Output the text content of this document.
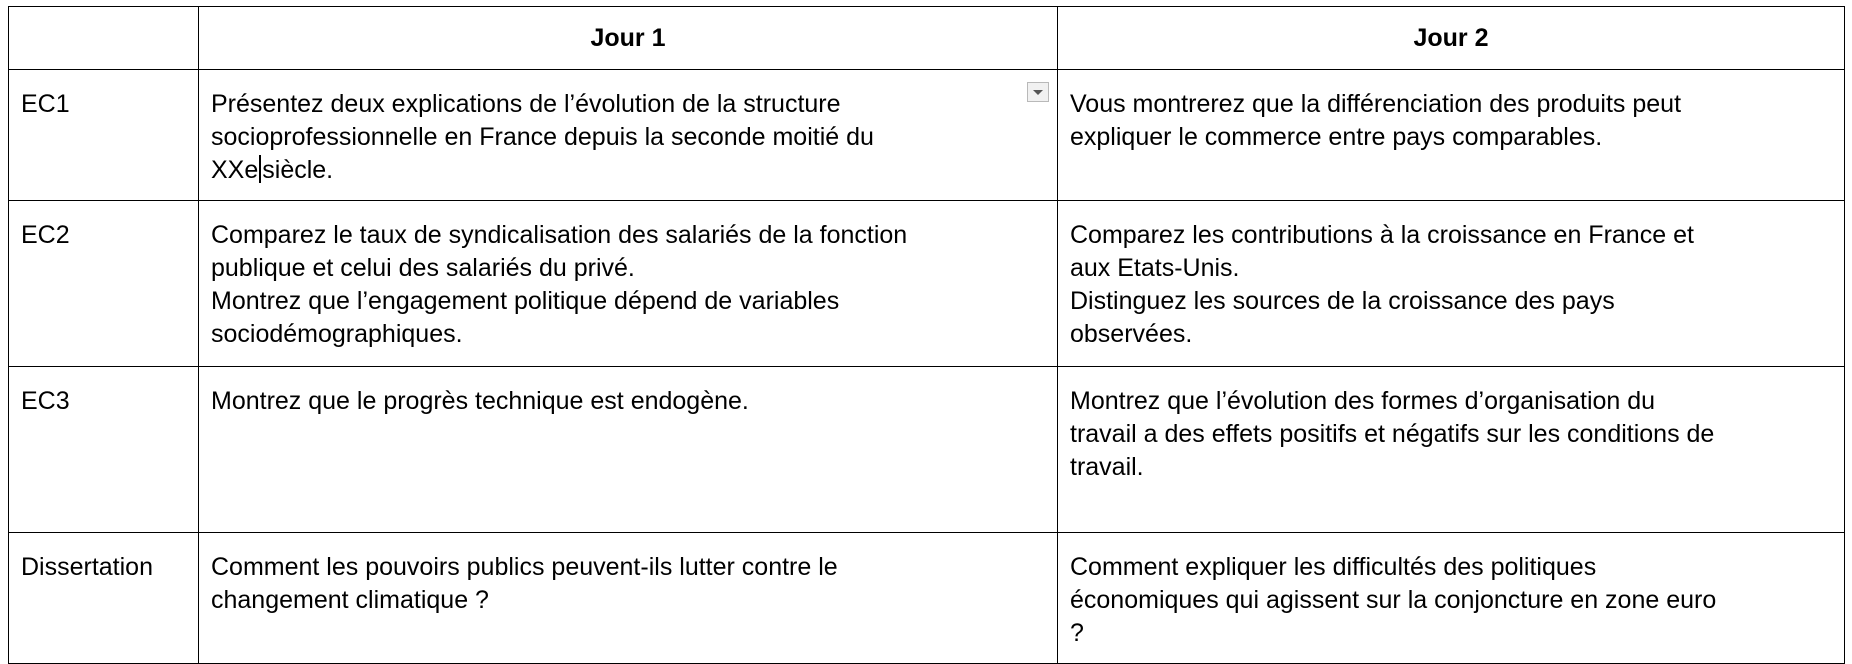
	Jour 1	Jour 2
EC1	Présentez deux explications de l’évolution de la structure
socioprofessionnelle en France depuis la seconde moitié du
XXe siècle.	Vous montrerez que la différenciation des produits peut
expliquer le commerce entre pays comparables.

EC2	Comparez le taux de syndicalisation des salariés de la fonction
publique et celui des salariés du privé.
Montrez que l’engagement politique dépend de variables
sociodémographiques.	Comparez les contributions à la croissance en France et
aux Etats-Unis.
Distinguez les sources de la croissance des pays
observées.

EC3	Montrez que le progrès technique est endogène.	Montrez que l’évolution des formes d’organisation du
travail a des effets positifs et négatifs sur les conditions de
travail.

Dissertation	Comment les pouvoirs publics peuvent-ils lutter contre le
changement climatique ?	Comment expliquer les difficultés des politiques
économiques qui agissent sur la conjoncture en zone euro
?
